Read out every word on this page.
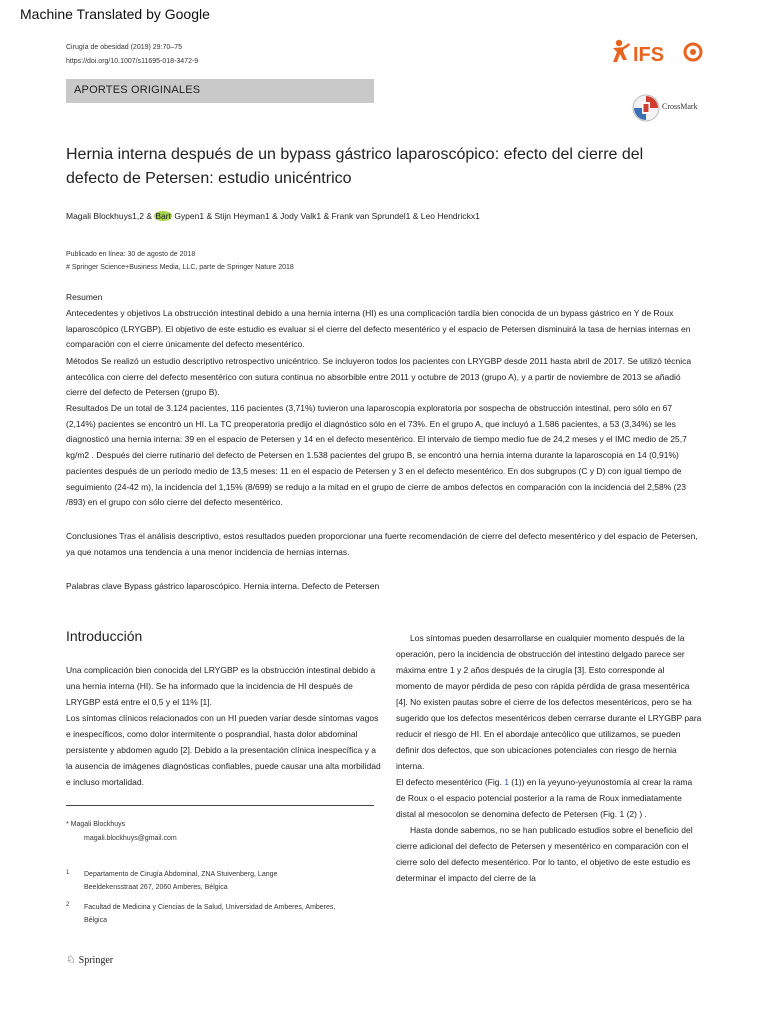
Machine Translated by Google
Cirugía de obesidad (2019) 29:70–75
https://doi.org/10.1007/s11695-018-3472-9
APORTES ORIGINALES
IFS
CrossMark
Hernia interna después de un bypass gástrico laparoscópico: efecto del cierre del defecto de Petersen: estudio unicéntrico
Magali Blockhuys1,2 & Bart Gypen1 & Stijn Heyman1 & Jody Valk1 & Frank van Sprundel1 & Leo Hendrickx1
Publicado en línea: 30 de agosto de 2018
# Springer Science+Business Media, LLC, parte de Springer Nature 2018
Resumen

Antecedentes y objetivos La obstrucción intestinal debido a una hernia interna (HI) es una complicación tardía bien conocida de un bypass gástrico en Y de Roux laparoscópico (LRYGBP). El objetivo de este estudio es evaluar si el cierre del defecto mesentérico y el espacio de Petersen disminuirá la tasa de hernias internas en comparación con el cierre únicamente del defecto mesentérico.

Métodos Se realizó un estudio descriptivo retrospectivo unicéntrico. Se incluyeron todos los pacientes con LRYGBP desde 2011 hasta abril de 2017. Se utilizó técnica antecólica con cierre del defecto mesentérico con sutura continua no absorbible entre 2011 y octubre de 2013 (grupo A), y a partir de noviembre de 2013 se añadió cierre del defecto de Petersen (grupo B).

Resultados De un total de 3.124 pacientes, 116 pacientes (3,71%) tuvieron una laparoscopia exploratoria por sospecha de obstrucción intestinal, pero sólo en 67 (2,14%) pacientes se encontró un HI. La TC preoperatoria predijo el diagnóstico sólo en el 73%. En el grupo A, que incluyó a 1.586 pacientes, a 53 (3,34%) se les diagnosticó una hernia interna: 39 en el espacio de Petersen y 14 en el defecto mesentérico. El intervalo de tiempo medio fue de 24,2 meses y el IMC medio de 25,7 kg/m2 . Después del cierre rutinario del defecto de Petersen en 1.538 pacientes del grupo B, se encontró una hernia interna durante la laparoscopia en 14 (0,91%) pacientes después de un período medio de 13,5 meses: 11 en el espacio de Petersen y 3 en el defecto mesentérico. En dos subgrupos (C y D) con igual tiempo de seguimiento (24-42 m), la incidencia del 1,15% (8/699) se redujo a la mitad en el grupo de cierre de ambos defectos en comparación con la incidencia del 2,58% (23 /893) en el grupo con sólo cierre del defecto mesentérico.

Conclusiones Tras el análisis descriptivo, estos resultados pueden proporcionar una fuerte recomendación de cierre del defecto mesentérico y del espacio de Petersen, ya que notamos una tendencia a una menor incidencia de hernias internas.

Palabras clave Bypass gástrico laparoscópico. Hernia interna. Defecto de Petersen
Introducción

Una complicación bien conocida del LRYGBP es la obstrucción intestinal debido a una hernia interna (HI). Se ha informado que la incidencia de HI después de LRYGBP está entre el 0,5 y el 11% [1].

Los síntomas clínicos relacionados con un HI pueden variar desde síntomas vagos e inespecíficos, como dolor intermitente o posprandial, hasta dolor abdominal persistente y abdomen agudo [2]. Debido a la presentación clínica inespecífica y a la ausencia de imágenes diagnósticas confiables, puede causar una alta morbilidad e incluso mortalidad.

Los síntomas pueden desarrollarse en cualquier momento después de la operación, pero la incidencia de obstrucción del intestino delgado parece ser máxima entre 1 y 2 años después de la cirugía [3]. Esto corresponde al momento de mayor pérdida de peso con rápida pérdida de grasa mesentérica [4]. No existen pautas sobre el cierre de los defectos mesentéricos, pero se ha sugerido que los defectos mesentéricos deben cerrarse durante el LRYGBP para reducir el riesgo de HI. En el abordaje antecólico que utilizamos, se pueden definir dos defectos, que son ubicaciones potenciales con riesgo de hernia interna.

El defecto mesentérico (Fig. 1 (1)) en la yeyuno-yeyunostomía al crear la rama de Roux o el espacio potencial posterior a la rama de Roux inmediatamente distal al mesocolon se denomina defecto de Petersen (Fig. 1 (2) ) .

Hasta donde sabemos, no se han publicado estudios sobre el beneficio del cierre adicional del defecto de Petersen y mesentérico en comparación con el cierre solo del defecto mesentérico. Por lo tanto, el objetivo de este estudio es determinar el impacto del cierre de la

* Magali Blockhuys
magali.blockhuys@gmail.com
1 Departamento de Cirugía Abdominal, ZNA Stuivenberg, Lange Beeldekensstraat 267, 2060 Amberes, Bélgica
2 Facultad de Medicina y Ciencias de la Salud, Universidad de Amberes, Amberes, Bélgica
♘ Springer
